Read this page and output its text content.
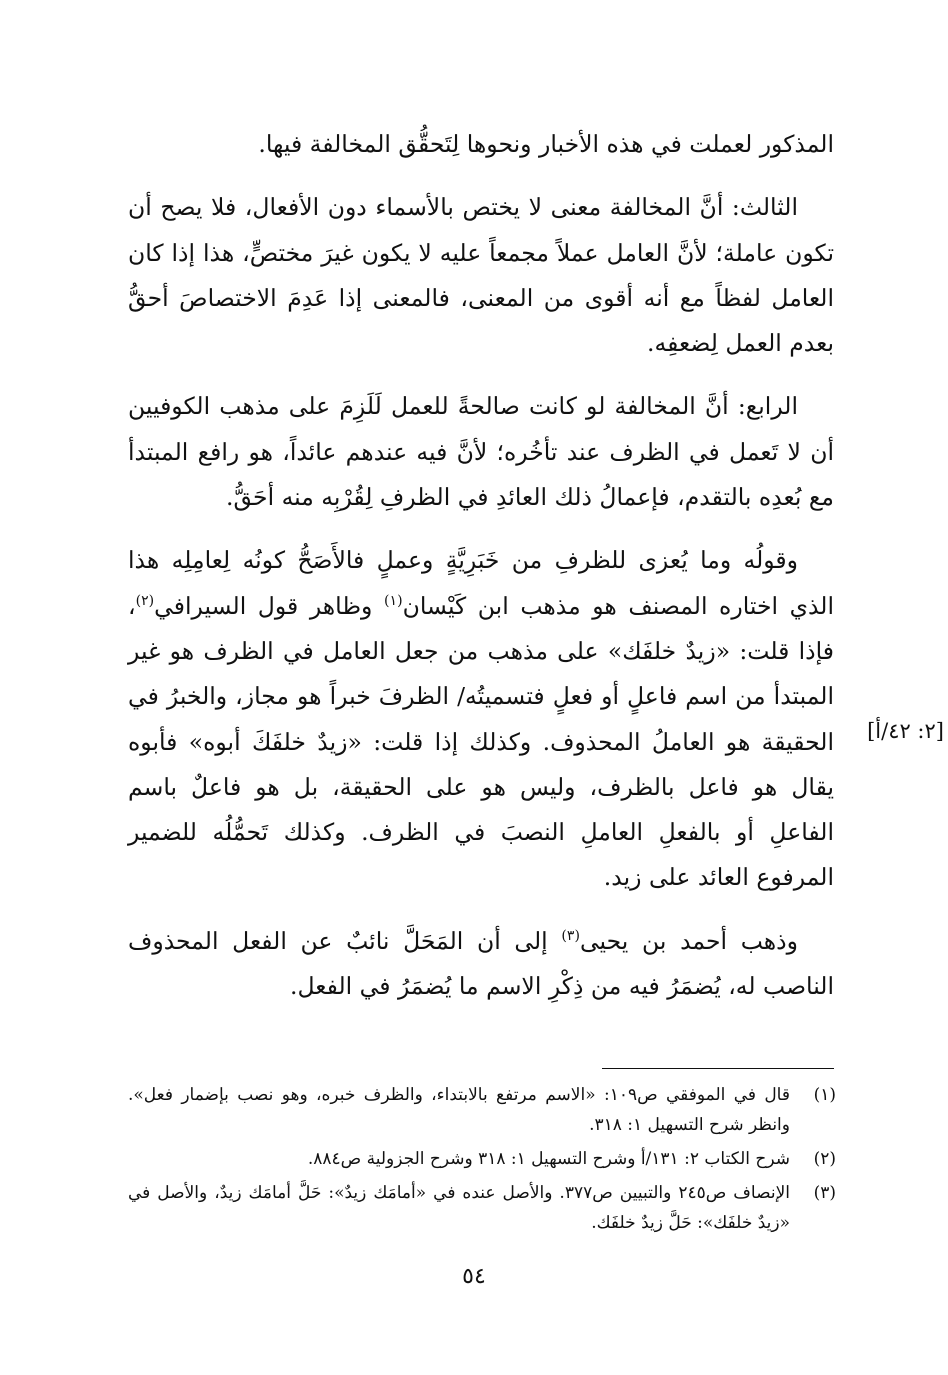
المذكور لعملت في هذه الأخبار ونحوها لِتَحقُّق المخالفة فيها.

الثالث: أنَّ المخالفة معنى لا يختص بالأسماء دون الأفعال، فلا يصح أن تكون عاملة؛ لأنَّ العامل عملاً مجمعاً عليه لا يكون غيرَ مختصٍّ، هذا إذا كان العامل لفظاً مع أنه أقوى من المعنى، فالمعنى إذا عَدِمَ الاختصاصَ أحقُّ بعدم العمل لِضعفِه.

الرابع: أنَّ المخالفة لو كانت صالحةً للعمل لَلَزِمَ على مذهب الكوفيين أن لا تَعمل في الظرف عند تأخُره؛ لأنَّ فيه عندهم عائداً، هو رافع المبتدأ مع بُعدِه بالتقدم، فإعمالُ ذلك العائدِ في الظرفِ لِقُرْبِه منه أحَقُّ.

وقولُه وما يُعزى للظرفِ من خَبَرِيَّةٍ وعملٍ فالأَصَحُّ كونُه لِعامِلِه هذا الذي اختاره المصنف هو مذهب ابن كَيْسان$^{(١)}$ وظاهر قول السيرافي$^{(٢)}$، فإذا قلت: «زيدٌ خلفَك» على مذهب من جعل العامل في الظرف هو غير المبتدأ من اسم فاعلٍ أو فعلٍ فتسميتُه/ الظرفَ خبراً هو مجاز، والخبرُ في الحقيقة هو العاملُ المحذوف. وكذلك إذا قلت: «زيدٌ خلفَكَ أبوه» فأبوه يقال هو فاعل بالظرف، وليس هو على الحقيقة، بل هو فاعلٌ باسم الفاعلِ أو بالفعلِ العاملِ النصبَ في الظرف. وكذلك تَحمُّلُه للضمير المرفوع العائد على زيد.

وذهب أحمد بن يحيى$^{(٣)}$ إلى أن المَحَلَّ نائبٌ عن الفعل المحذوف الناصب له، يُضمَرُ فيه من ذِكْرِ الاسم ما يُضمَرُ في الفعل.

[٢: ٤٢/أ]
(١)
قال في الموفقي ص١٠٩: «الاسم مرتفع بالابتداء، والظرف خبره، وهو نصب بإضمار فعل». وانظر شرح التسهيل ١: ٣١٨.
(٢)
شرح الكتاب ٢: ١٣١/أ وشرح التسهيل ١: ٣١٨ وشرح الجزولية ص٨٨٤.
(٣)
الإنصاف ص٢٤٥ والتبيين ص٣٧٧. والأصل عنده في «أمامَك زيدٌ»: حَلَّ أمامَك زيدٌ، والأصل في «زيدٌ خلفَك»: حَلَّ زيدٌ خلفَك.
٥٤
